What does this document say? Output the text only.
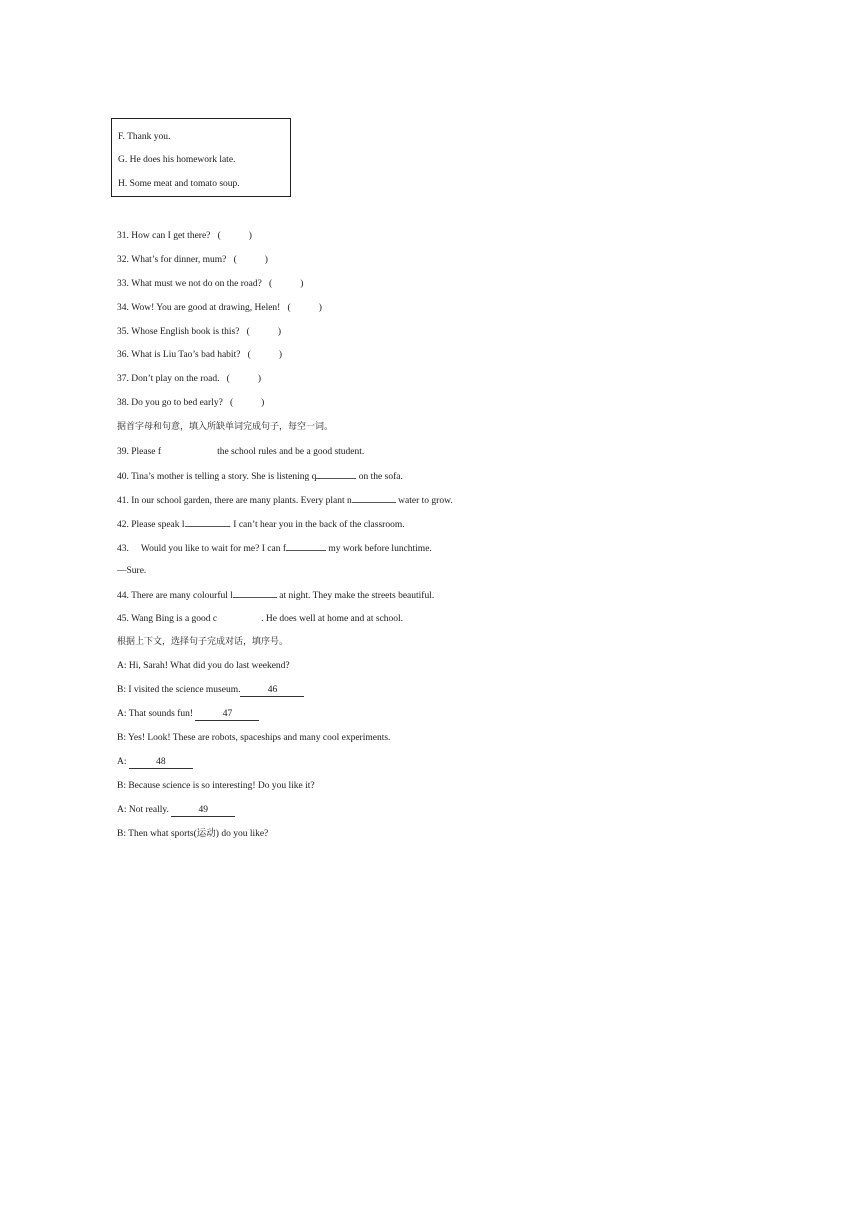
F. Thank you.
G. He does his homework late.
H. Some meat and tomato soup.
31. How can I get there? (	)
32. What’s for dinner, mum? (	)
33. What must we not do on the road? (	)
34. Wow! You are good at drawing, Helen! (	)
35. Whose English book is this? (	)
36. What is Liu Tao’s bad habit? (	)
37. Don’t play on the road. (	)
38. Do you go to bed early? (	)
据首字母和句意，填入所缺单词完成句子，每空一词。
39. Please f	the school rules and be a good student.
40. Tina’s mother is telling a story. She is listening q	on the sofa.
41. In our school garden, there are many plants. Every plant n	water to grow.
42. Please speak l	. I can’t hear you in the back of the classroom.
43. Would you like to wait for me? I can f	my work before lunchtime.
—Sure.
44. There are many colourful l	at night. They make the streets beautiful.
45. Wang Bing is a good c	. He does well at home and at school.
根据上下文，选择句子完成对话，填序号。
A: Hi, Sarah! What did you do last weekend?
B: I visited the science museum.	46
A: That sounds fun!	47
B: Yes! Look! These are robots, spaceships and many cool experiments.
A:	48
B: Because science is so interesting! Do you like it?
A: Not really.	49
B: Then what sports(运动) do you like?
